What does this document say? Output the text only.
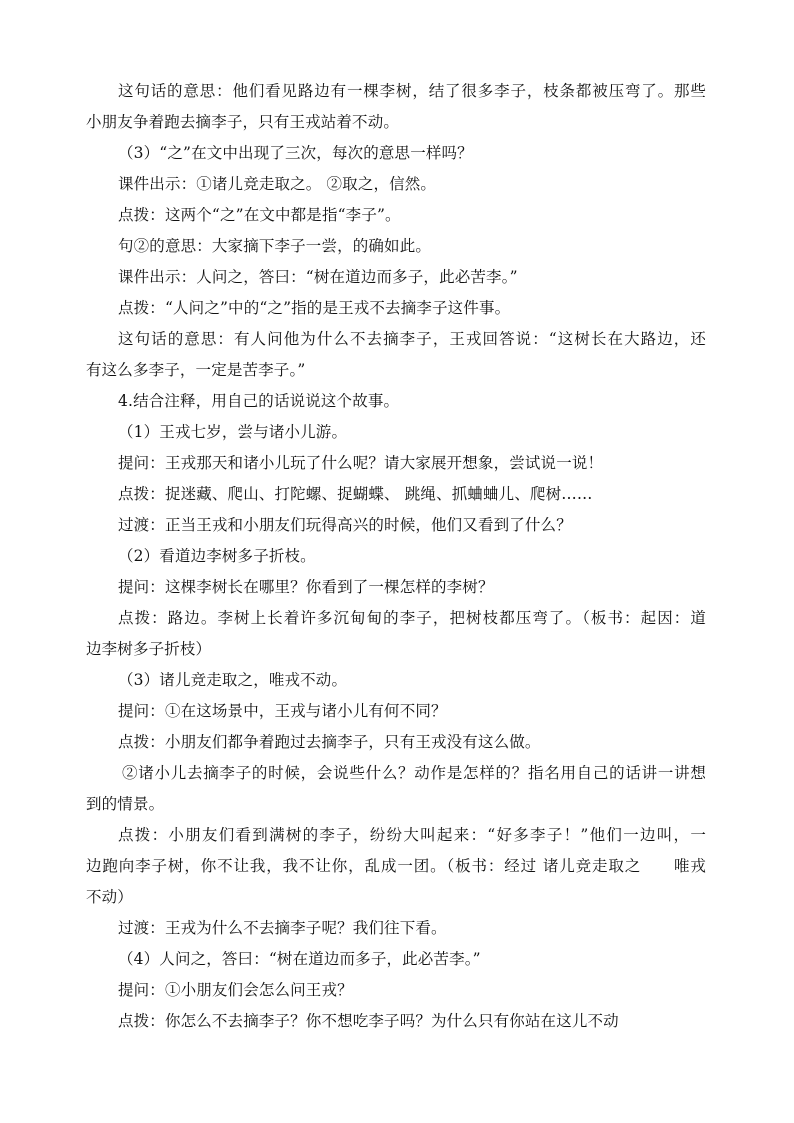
这句话的意思：他们看见路边有一棵李树，结了很多李子，枝条都被压弯了。那些
小朋友争着跑去摘李子，只有王戎站着不动。
（3）“之”在文中出现了三次，每次的意思一样吗？
课件出示：①诸儿竞走取之。 ②取之，信然。
点拨：这两个“之”在文中都是指“李子”。
句②的意思：大家摘下李子一尝，的确如此。
课件出示：人问之，答曰：“树在道边而多子，此必苦李。”
点拨：“人问之”中的“之”指的是王戎不去摘李子这件事。
这句话的意思：有人问他为什么不去摘李子，王戎回答说：“这树长在大路边，还
有这么多李子，一定是苦李子。”
4.结合注释，用自己的话说说这个故事。
（1）王戎七岁，尝与诸小儿游。
提问：王戎那天和诸小儿玩了什么呢？请大家展开想象，尝试说一说！
点拨：捉迷藏、爬山、打陀螺、捉蝴蝶、 跳绳、抓蛐蛐儿、爬树……
过渡：正当王戎和小朋友们玩得高兴的时候，他们又看到了什么？
（2）看道边李树多子折枝。
提问：这棵李树长在哪里？你看到了一棵怎样的李树？
点拨：路边。李树上长着许多沉甸甸的李子，把树枝都压弯了。（板书：起因：道
边李树多子折枝）
（3）诸儿竞走取之，唯戎不动。
提问：①在这场景中，王戎与诸小儿有何不同？
点拨：小朋友们都争着跑过去摘李子，只有王戎没有这么做。
②诸小儿去摘李子的时候，会说些什么？动作是怎样的？指名用自己的话讲一讲想
到的情景。
点拨：小朋友们看到满树的李子，纷纷大叫起来：“好多李子！”他们一边叫，一
边跑向李子树，你不让我，我不让你，乱成一团。（板书：经过 诸儿竞走取之　　唯戎
不动）
过渡：王戎为什么不去摘李子呢？我们往下看。
（4）人问之，答曰：“树在道边而多子，此必苦李。”
提问：①小朋友们会怎么问王戎？
点拨：你怎么不去摘李子？你不想吃李子吗？为什么只有你站在这儿不动
